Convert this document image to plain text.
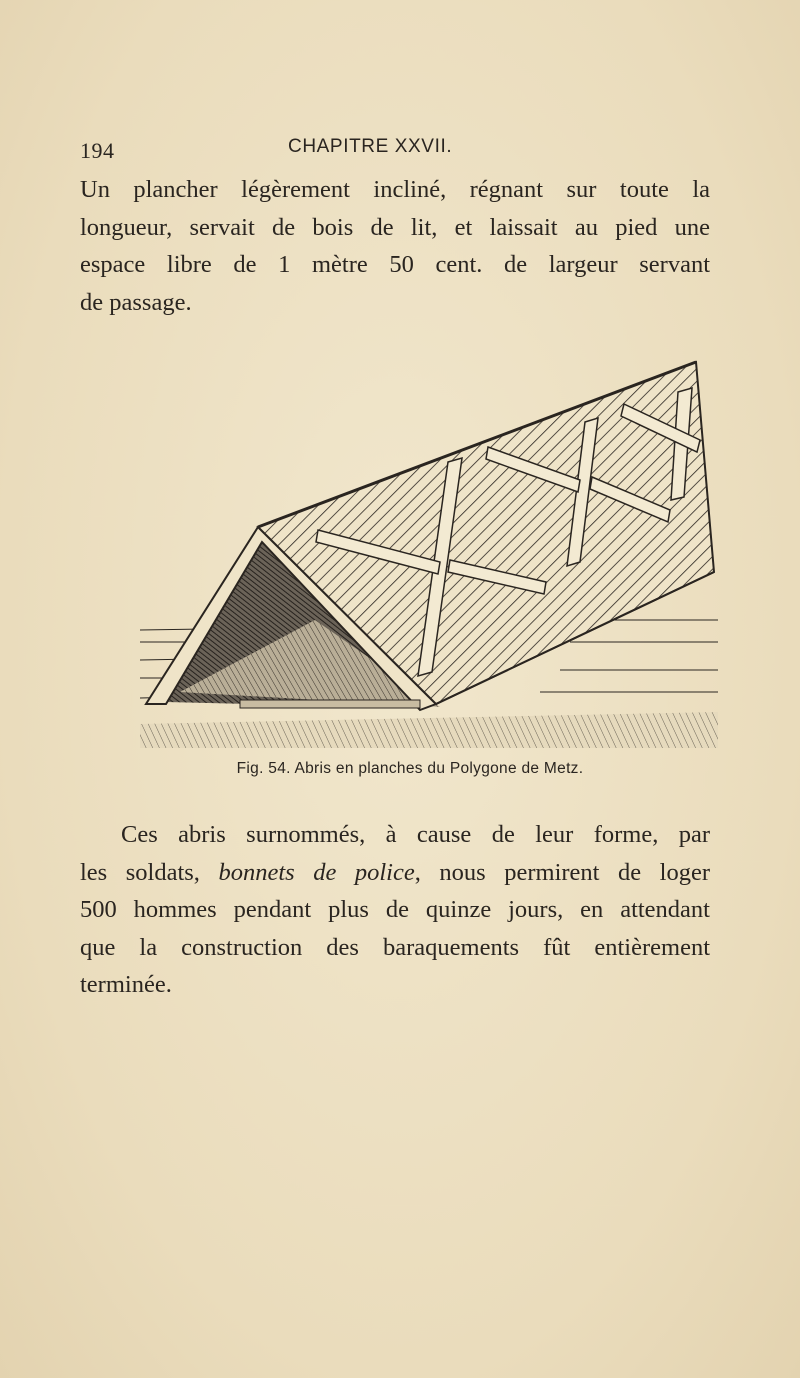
194	CHAPITRE XXVII.

Un plancher légèrement incliné, régnant sur toute la
longueur, servait de bois de lit, et laissait au pied une
espace libre de 1 mètre 50 cent. de largeur servant
de passage.

Fig. 54. Abris en planches du Polygone de Metz.

Ces abris surnommés, à cause de leur forme, par
les soldats, bonnets de police, nous permirent de loger
500 hommes pendant plus de quinze jours, en attendant
que la construction des baraquements fût entièrement
terminée.
